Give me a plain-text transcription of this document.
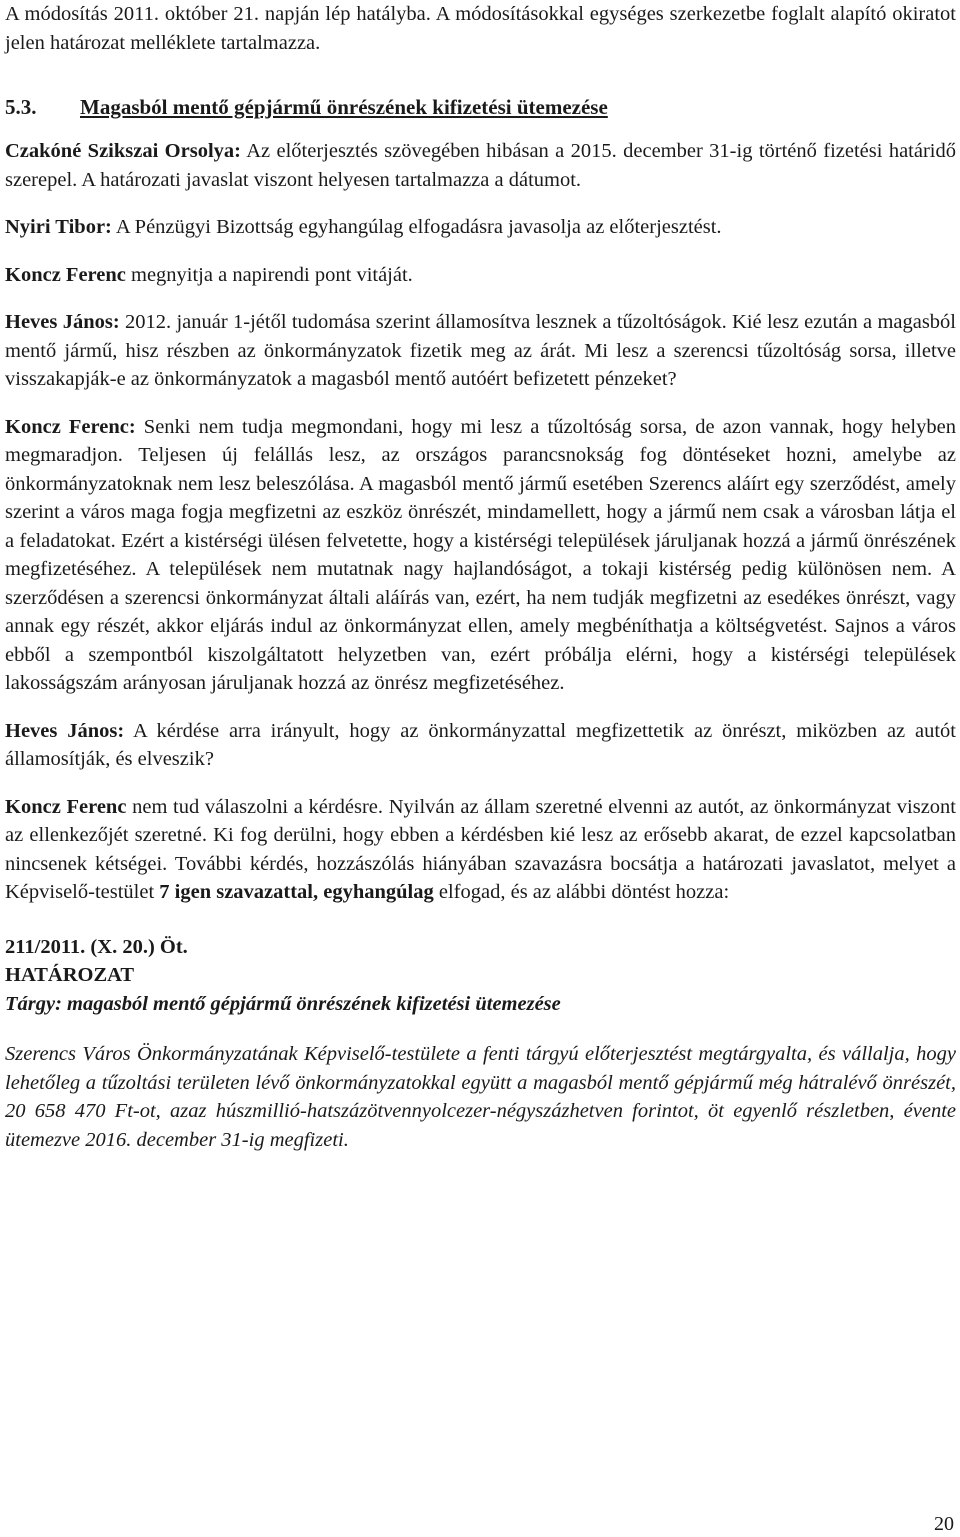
A módosítás 2011. október 21. napján lép hatályba. A módosításokkal egységes szerkezetbe foglalt alapító okiratot jelen határozat melléklete tartalmazza.

5.3.	Magasból mentő gépjármű önrészének kifizetési ütemezése

Czakóné Szikszai Orsolya: Az előterjesztés szövegében hibásan a 2015. december 31-ig történő fizetési határidő szerepel. A határozati javaslat viszont helyesen tartalmazza a dátumot.

Nyiri Tibor: A Pénzügyi Bizottság egyhangúlag elfogadásra javasolja az előterjesztést.

Koncz Ferenc megnyitja a napirendi pont vitáját.

Heves János: 2012. január 1-jétől tudomása szerint államosítva lesznek a tűzoltóságok. Kié lesz ezután a magasból mentő jármű, hisz részben az önkormányzatok fizetik meg az árát. Mi lesz a szerencsi tűzoltóság sorsa, illetve visszakapják-e az önkormányzatok a magasból mentő autóért befizetett pénzeket?

Koncz Ferenc: Senki nem tudja megmondani, hogy mi lesz a tűzoltóság sorsa, de azon vannak, hogy helyben megmaradjon. Teljesen új felállás lesz, az országos parancsnokság fog döntéseket hozni, amelybe az önkormányzatoknak nem lesz beleszólása. A magasból mentő jármű esetében Szerencs aláírt egy szerződést, amely szerint a város maga fogja megfizetni az eszköz önrészét, mindamellett, hogy a jármű nem csak a városban látja el a feladatokat. Ezért a kistérségi ülésen felvetette, hogy a kistérségi települések járuljanak hozzá a jármű önrészének megfizetéséhez. A települések nem mutatnak nagy hajlandóságot, a tokaji kistérség pedig különösen nem. A szerződésen a szerencsi önkormányzat általi aláírás van, ezért, ha nem tudják megfizetni az esedékes önrészt, vagy annak egy részét, akkor eljárás indul az önkormányzat ellen, amely megbéníthatja a költségvetést. Sajnos a város ebből a szempontból kiszolgáltatott helyzetben van, ezért próbálja elérni, hogy a kistérségi települések lakosságszám arányosan járuljanak hozzá az önrész megfizetéséhez.

Heves János: A kérdése arra irányult, hogy az önkormányzattal megfizettetik az önrészt, miközben az autót államosítják, és elveszik?

Koncz Ferenc nem tud válaszolni a kérdésre. Nyilván az állam szeretné elvenni az autót, az önkormányzat viszont az ellenkezőjét szeretné. Ki fog derülni, hogy ebben a kérdésben kié lesz az erősebb akarat, de ezzel kapcsolatban nincsenek kétségei. További kérdés, hozzászólás hiányában szavazásra bocsátja a határozati javaslatot, melyet a Képviselő-testület 7 igen szavazattal, egyhangúlag elfogad, és az alábbi döntést hozza:

211/2011. (X. 20.) Öt.

HATÁROZAT

Tárgy: magasból mentő gépjármű önrészének kifizetési ütemezése

Szerencs Város Önkormányzatának Képviselő-testülete a fenti tárgyú előterjesztést megtárgyalta, és vállalja, hogy lehetőleg a tűzoltási területen lévő önkormányzatokkal együtt a magasból mentő gépjármű még hátralévő önrészét, 20 658 470 Ft-ot, azaz húszmillió-hatszázötvennyolcezer-négyszázhetven forintot, öt egyenlő részletben, évente ütemezve 2016. december 31-ig megfizeti.

20
